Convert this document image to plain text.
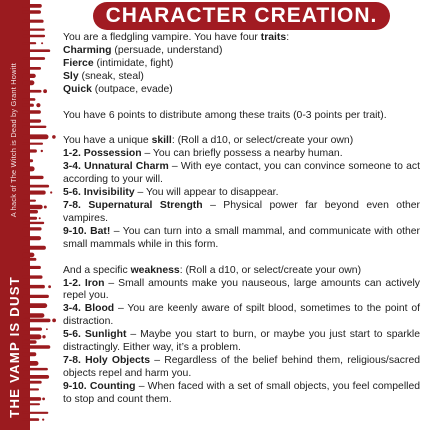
A hack of The Witch is Dead by Grant Howitt
THE VAMP IS DUST
CHARACTER CREATION.

You are a fledgling vampire. You have four traits:

Charming (persuade, understand)
Fierce (intimidate, fight)
Sly (sneak, steal)
Quick (outpace, evade)

You have 6 points to distribute among these traits (0-3 points per trait).

You have a unique skill: (Roll a d10, or select/create your own)

1-2. Possession – You can briefly possess a nearby human.
3-4. Unnatural Charm – With eye contact, you can convince someone to act according to your will.
5-6. Invisibility – You will appear to disappear.
7-8. Supernatural Strength – Physical power far beyond even other vampires.
9-10. Bat! – You can turn into a small mammal, and communicate with other small mammals while in this form.

And a specific weakness: (Roll a d10, or select/create your own)

1-2. Iron – Small amounts make you nauseous, large amounts can actively repel you.
3-4. Blood – You are keenly aware of spilt blood, sometimes to the point of distraction.
5-6. Sunlight – Maybe you start to burn, or maybe you just start to sparkle distractingly. Either way, it’s a problem.
7-8. Holy Objects – Regardless of the belief behind them, religious/sacred objects repel and harm you.
9-10. Counting – When faced with a set of small objects, you feel compelled to stop and count them.
